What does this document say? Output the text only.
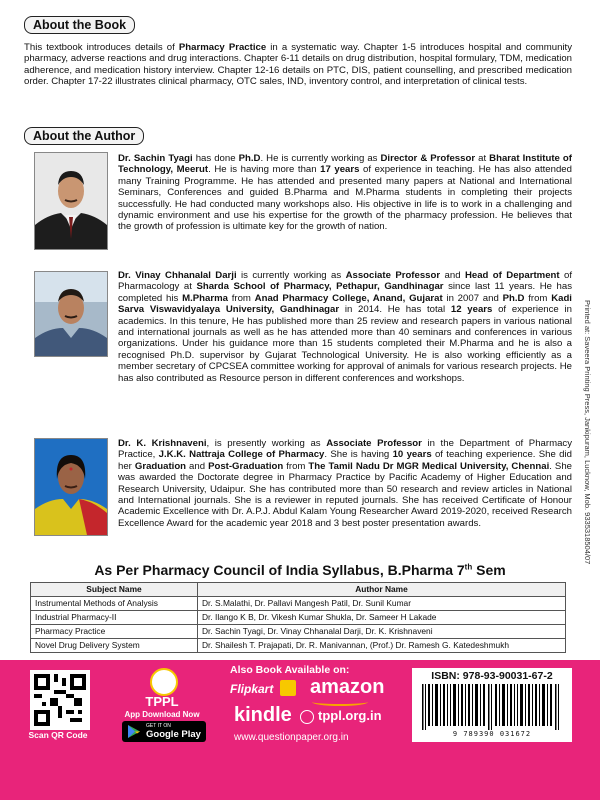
About the Book
This textbook introduces details of Pharmacy Practice in a systematic way. Chapter 1-5 introduces hospital and community pharmacy, adverse reactions and drug interactions. Chapter 6-11 details on drug distribution, hospital formulary, TDM, medication adherence, and medication history interview. Chapter 12-16 details on PTC, DIS, patient counselling, and prescribed medication order. Chapter 17-22 illustrates clinical pharmacy, OTC sales, IND, inventory control, and interpretation of clinical tests.
About the Author
Dr. Sachin Tyagi has done Ph.D. He is currently working as Director & Professor at Bharat Institute of Technology, Meerut. He is having more than 17 years of experience in teaching. He has also attended many Training Programme. He has attended and presented many papers at National and International Seminars, Conferences and guided B.Pharma and M.Pharma students in completing their projects successfully. He had conducted many workshops also. His objective in life is to work in a challenging and dynamic environment and use his expertise for the growth of the pharmacy profession. He believes that the growth of profession is ultimate key for the growth of nation.
Dr. Vinay Chhanalal Darji is currently working as Associate Professor and Head of Department of Pharmacology at Sharda School of Pharmacy, Pethapur, Gandhinagar since last 11 years. He has completed his M.Pharma from Anad Pharmacy College, Anand, Gujarat in 2007 and Ph.D from Kadi Sarva Viswavidyalaya University, Gandhinagar in 2014. He has total 12 years of experience in academics. In this tenure, He has published more than 25 review and research papers in various national and international journals as well as he has attended more than 40 seminars and conferences in various organizations. Under his guidance more than 15 students completed their M.Pharma and he is also a recognised Ph.D. supervisor by Gujarat Technological University. He is also working efficiently as a member secretary of CPCSEA committee working for approval of animals for various research projects. He has also contributed as Resource person in different conferences and workshops.
Dr. K. Krishnaveni, is presently working as Associate Professor in the Department of Pharmacy Practice, J.K.K. Nattraja College of Pharmacy. She is having 10 years of teaching experience. She did her Graduation and Post-Graduation from The Tamil Nadu Dr MGR Medical University, Chennai. She was awarded the Doctorate degree in Pharmacy Practice by Pacific Academy of Higher Education and Research University, Udaipur. She has contributed more than 50 research and review articles in National and International journals. She is a reviewer in reputed journals. She has received Certificate of Honour Academic Excellence with Dr. A.P.J. Abdul Kalam Young Researcher Award 2019-2020, received Research Excellence Award for the academic year 2018 and 3 best poster presentation awards.	Printed at: Saveera Printing Press, Jankipuram, Lucknow, Mob. 9335318504/07
As Per Pharmacy Council of India Syllabus, B.Pharma 7th Sem
Subject Name	Author Name
Instrumental Methods of Analysis	Dr. S.Malathi, Dr. Pallavi Mangesh Patil, Dr. Sunil Kumar
Industrial Pharmacy-II	Dr. Ilango K B, Dr. Vikesh Kumar Shukla, Dr. Sameer H Lakade
Pharmacy Practice	Dr. Sachin Tyagi, Dr. Vinay Chhanalal Darji, Dr. K. Krishnaveni
Novel Drug Delivery System	Dr. Shailesh T. Prajapati, Dr. R. Manivannan, (Prof.) Dr. Ramesh G. Katedeshmukh
Scan QR Code
TPPL
App Download Now
GET IT ON
Google Play
Also Book Available on:
Flipkart amazon
kindle tppl.org.in
www.questionpaper.org.in
ISBN: 978-93-90031-67-2
9 789390 031672
